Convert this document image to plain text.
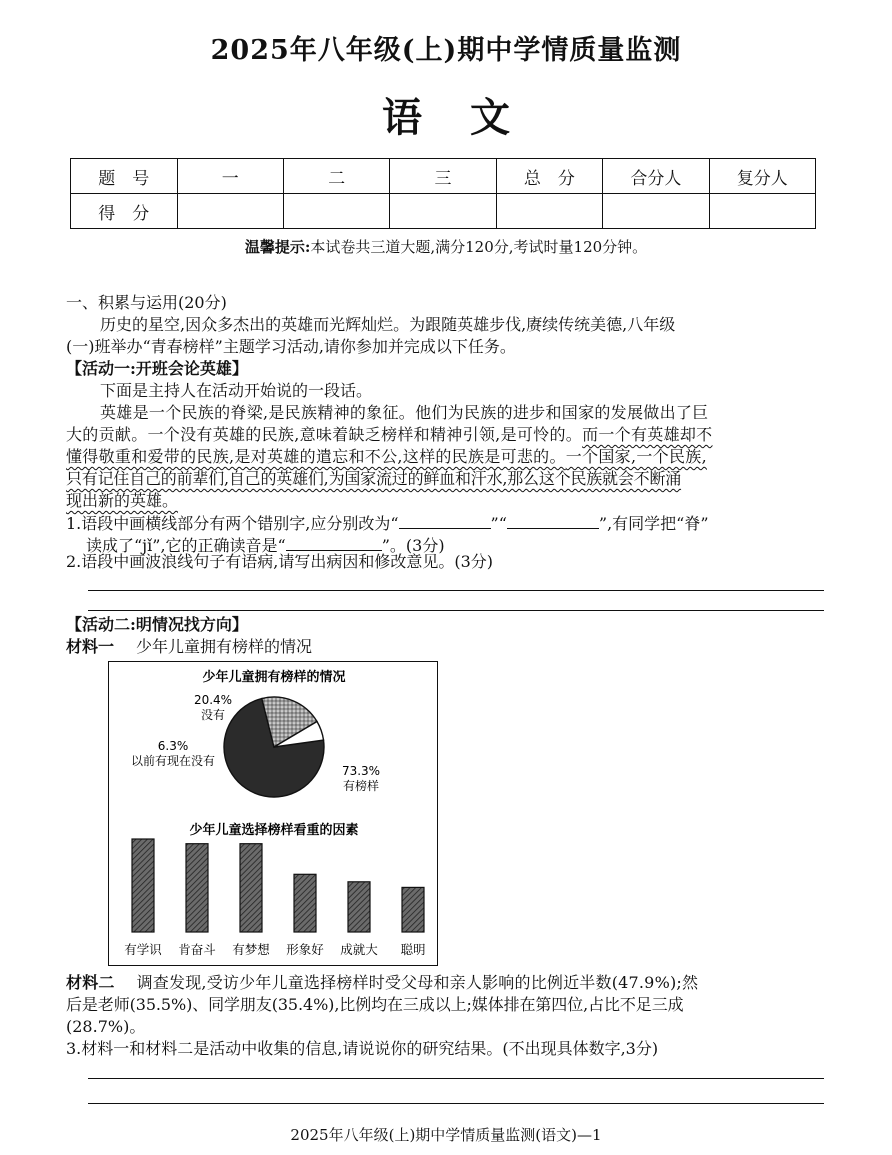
2025年八年级(上)期中学情质量监测
语文
题　号	一	二	三	总　分	合分人	复分人
得　分						
温馨提示:本试卷共三道大题,满分120分,考试时量120分钟。
一、积累与运用(20分)
历史的星空,因众多杰出的英雄而光辉灿烂。为跟随英雄步伐,赓续传统美德,八年级
(一)班举办“青春榜样”主题学习活动,请你参加并完成以下任务。
【活动一:开班会论英雄】
下面是主持人在活动开始说的一段话。
英雄是一个民族的脊梁,是民族精神的象征。他们为民族的进步和国家的发展做出了巨
大的贡献。一个没有英雄的民族,意味着缺乏榜样和精神引领,是可怜的。而一个有英雄却不
懂得敬重和爱带的民族,是对英雄的遣忘和不公,这样的民族是可悲的。一个国家,一个民族,
只有记住自己的前辈们,自己的英雄们,为国家流过的鲜血和汗水,那么这个民族就会不断涌
现出新的英雄。
1.语段中画横线部分有两个错别字,应分别改为“	”“	”,有同学把“脊”
读成了“jǐ”,它的正确读音是“	”。(3分)
2.语段中画波浪线句子有语病,请写出病因和修改意见。(3分)
【活动二:明情况找方向】
材料一 少年儿童拥有榜样的情况
少年儿童拥有榜样的情况
20.4%
没有
6.3%
以前有现在没有
73.3%
有榜样
少年儿童选择榜样看重的因素
有学识 肯奋斗 有梦想 形象好 成就大 聪明
材料二 调查发现,受访少年儿童选择榜样时受父母和亲人影响的比例近半数(47.9%);然
后是老师(35.5%)、同学朋友(35.4%),比例均在三成以上;媒体排在第四位,占比不足三成
(28.7%)。
3.材料一和材料二是活动中收集的信息,请说说你的研究结果。(不出现具体数字,3分)
2025年八年级(上)期中学情质量监测(语文)—1
